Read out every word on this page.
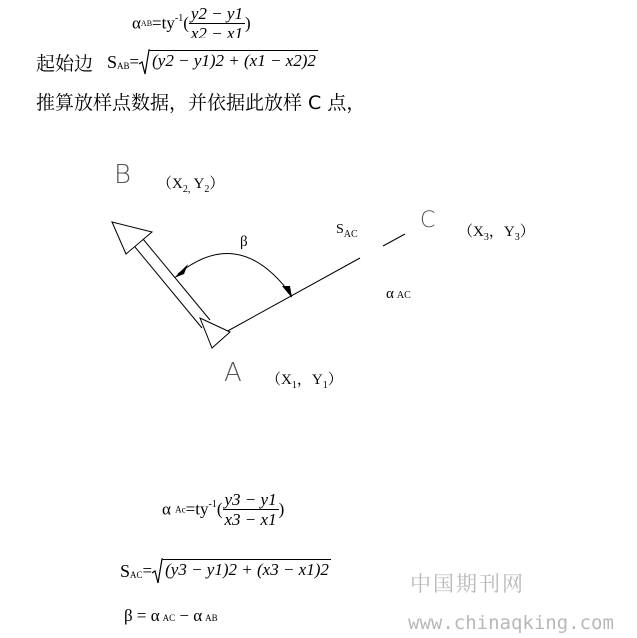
$\alpha AB=ty^{-1}( \frac{y2 - y1}{x2 - x1}$ )
起始边 S AB = (y2 − y1)2 + (x1 − x2)2
推算放样点数据，并依据此放样 C 点，
B （$X_{2,}$ $Y_2$）
β
$S_{AC}$
C （$X_3$，$Y_3$）
αAC
A （$X_1$，$Y_1$）
α $Ac=ty^{-1}( \frac{y3 - y1}{x3 - x1}$ )
S AC = (y3 − y1)2 + (x3 − x1)2
β = α AC − α AB
中国期刊网
www.chinaqking.com
